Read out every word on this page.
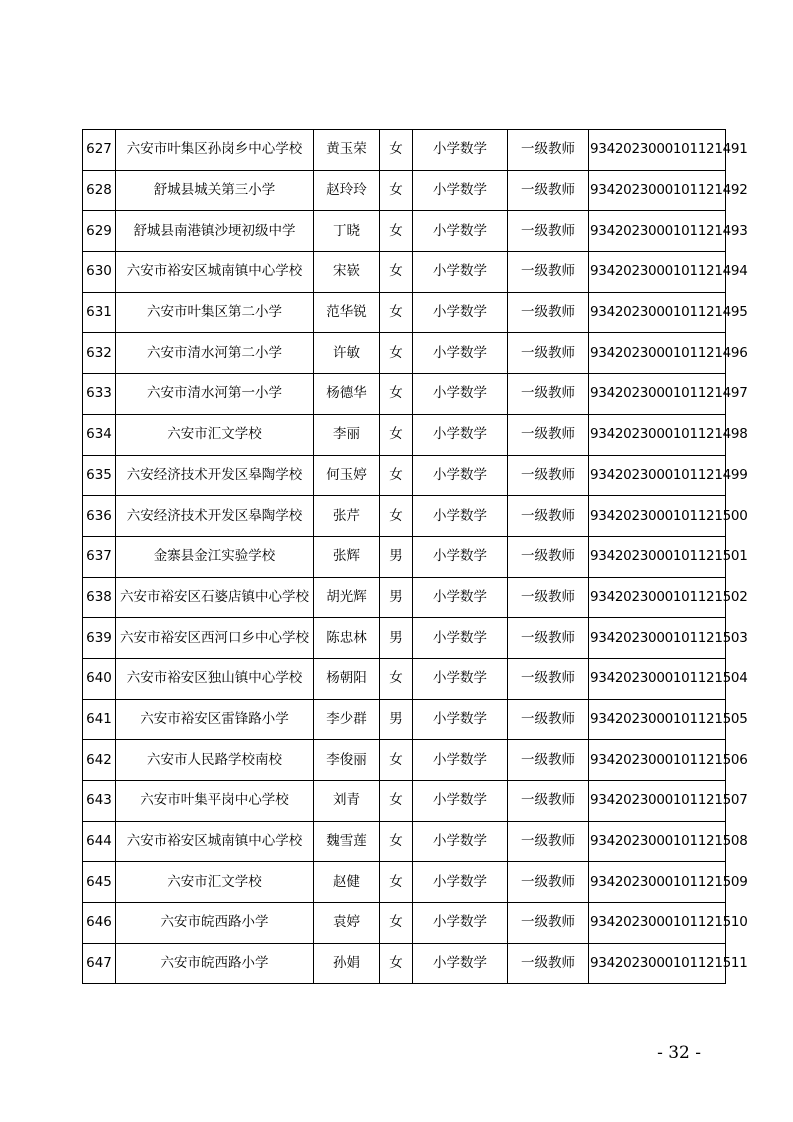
627	六安市叶集区孙岗乡中心学校	黄玉荣	女	小学数学	一级教师	9342023000101121491
628	舒城县城关第三小学	赵玲玲	女	小学数学	一级教师	9342023000101121492
629	舒城县南港镇沙埂初级中学	丁晓	女	小学数学	一级教师	9342023000101121493
630	六安市裕安区城南镇中心学校	宋嵚	女	小学数学	一级教师	9342023000101121494
631	六安市叶集区第二小学	范华锐	女	小学数学	一级教师	9342023000101121495
632	六安市清水河第二小学	许敏	女	小学数学	一级教师	9342023000101121496
633	六安市清水河第一小学	杨德华	女	小学数学	一级教师	9342023000101121497
634	六安市汇文学校	李丽	女	小学数学	一级教师	9342023000101121498
635	六安经济技术开发区皋陶学校	何玉婷	女	小学数学	一级教师	9342023000101121499
636	六安经济技术开发区皋陶学校	张芹	女	小学数学	一级教师	9342023000101121500
637	金寨县金江实验学校	张辉	男	小学数学	一级教师	9342023000101121501
638	六安市裕安区石婆店镇中心学校	胡光辉	男	小学数学	一级教师	9342023000101121502
639	六安市裕安区西河口乡中心学校	陈忠林	男	小学数学	一级教师	9342023000101121503
640	六安市裕安区独山镇中心学校	杨朝阳	女	小学数学	一级教师	9342023000101121504
641	六安市裕安区雷锋路小学	李少群	男	小学数学	一级教师	9342023000101121505
642	六安市人民路学校南校	李俊丽	女	小学数学	一级教师	9342023000101121506
643	六安市叶集平岗中心学校	刘青	女	小学数学	一级教师	9342023000101121507
644	六安市裕安区城南镇中心学校	魏雪莲	女	小学数学	一级教师	9342023000101121508
645	六安市汇文学校	赵健	女	小学数学	一级教师	9342023000101121509
646	六安市皖西路小学	袁婷	女	小学数学	一级教师	9342023000101121510
647	六安市皖西路小学	孙娟	女	小学数学	一级教师	9342023000101121511
- 32 -
